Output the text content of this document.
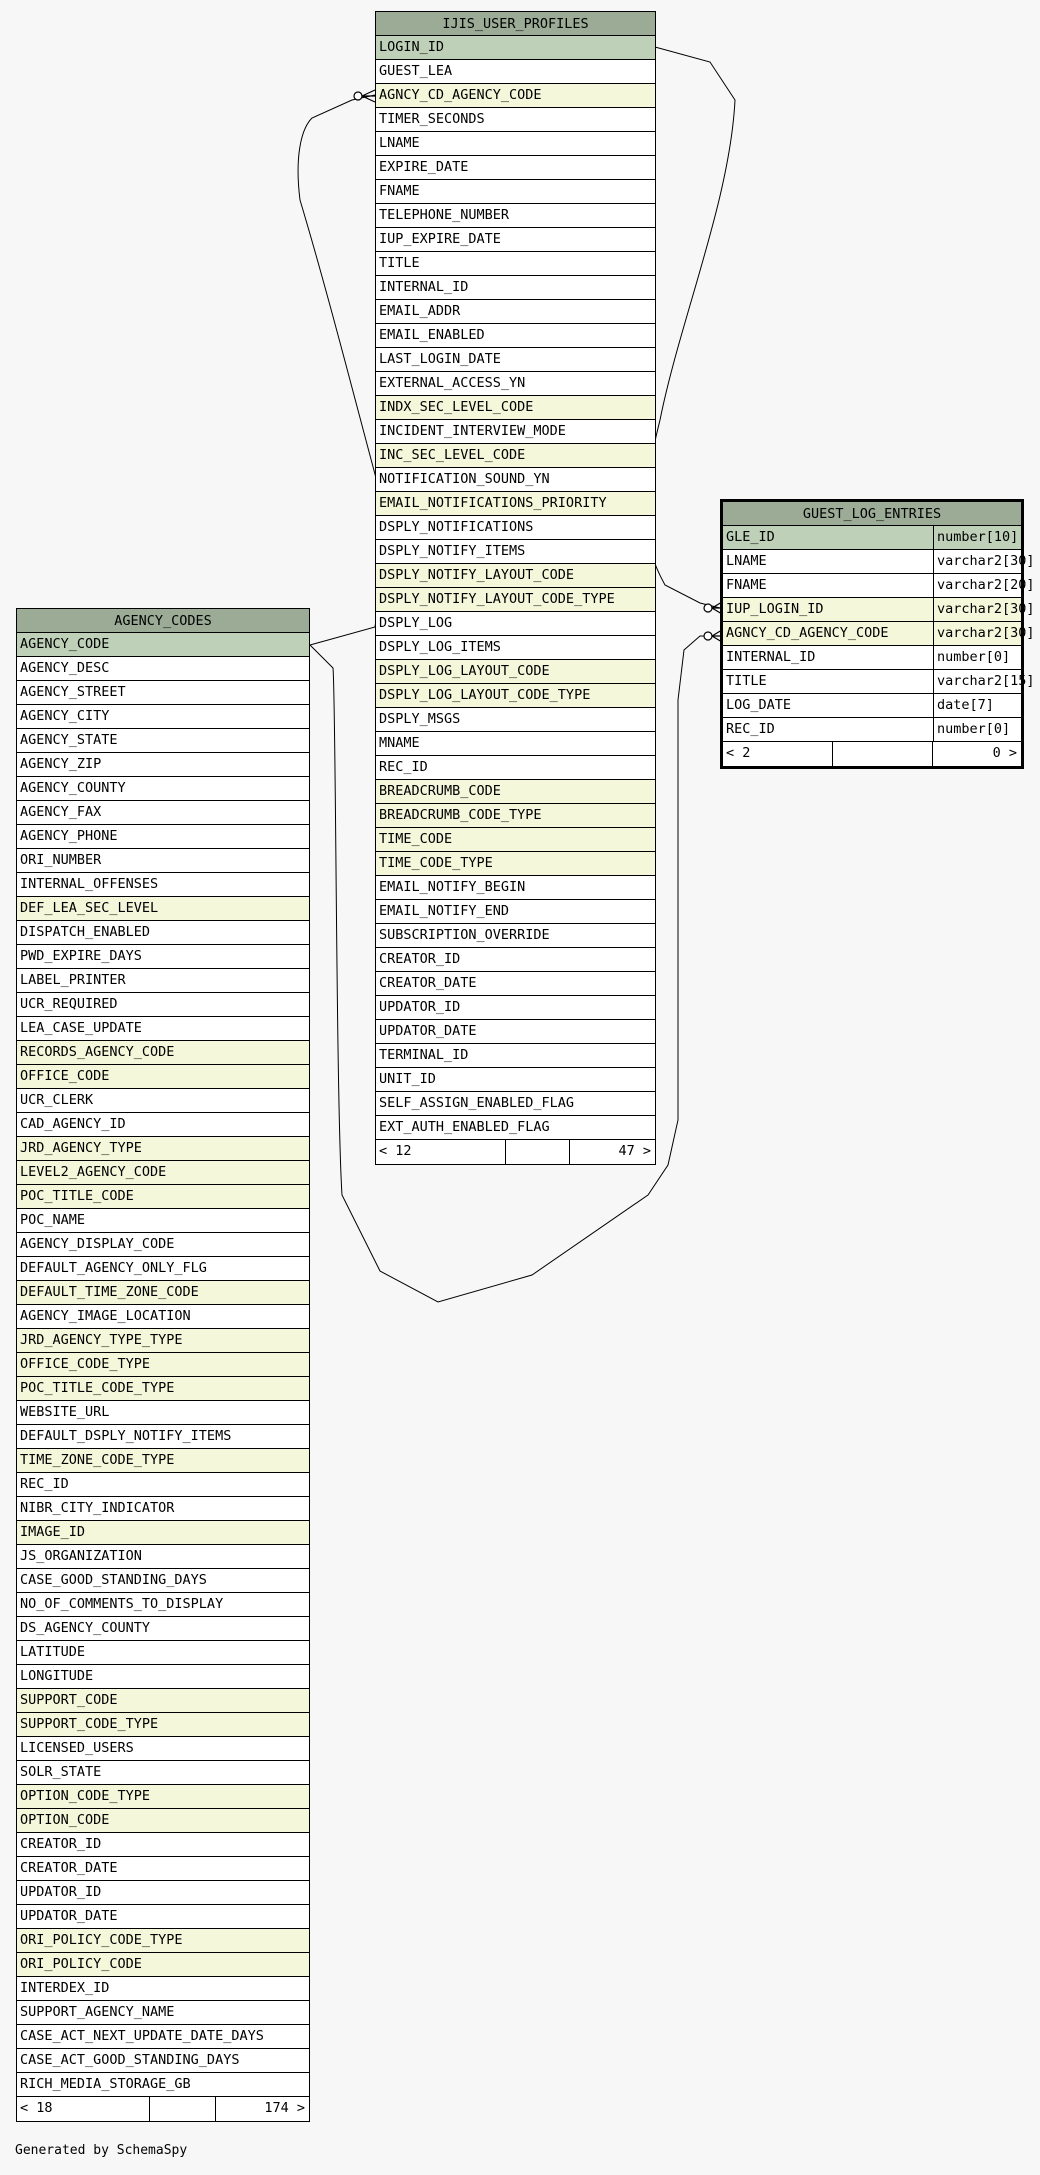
IJIS_USER_PROFILES
LOGIN_ID
GUEST_LEA
AGNCY_CD_AGENCY_CODE
TIMER_SECONDS
LNAME
EXPIRE_DATE
FNAME
TELEPHONE_NUMBER
IUP_EXPIRE_DATE
TITLE
INTERNAL_ID
EMAIL_ADDR
EMAIL_ENABLED
LAST_LOGIN_DATE
EXTERNAL_ACCESS_YN
INDX_SEC_LEVEL_CODE
INCIDENT_INTERVIEW_MODE
INC_SEC_LEVEL_CODE
NOTIFICATION_SOUND_YN
EMAIL_NOTIFICATIONS_PRIORITY
DSPLY_NOTIFICATIONS
DSPLY_NOTIFY_ITEMS
DSPLY_NOTIFY_LAYOUT_CODE
DSPLY_NOTIFY_LAYOUT_CODE_TYPE
DSPLY_LOG
DSPLY_LOG_ITEMS
DSPLY_LOG_LAYOUT_CODE
DSPLY_LOG_LAYOUT_CODE_TYPE
DSPLY_MSGS
MNAME
REC_ID
BREADCRUMB_CODE
BREADCRUMB_CODE_TYPE
TIME_CODE
TIME_CODE_TYPE
EMAIL_NOTIFY_BEGIN
EMAIL_NOTIFY_END
SUBSCRIPTION_OVERRIDE
CREATOR_ID
CREATOR_DATE
UPDATOR_ID
UPDATOR_DATE
TERMINAL_ID
UNIT_ID
SELF_ASSIGN_ENABLED_FLAG
EXT_AUTH_ENABLED_FLAG
< 12	47 >
GUEST_LOG_ENTRIES
GLE_ID	number[10]
LNAME	varchar2[30]
FNAME	varchar2[20]
IUP_LOGIN_ID	varchar2[30]
AGNCY_CD_AGENCY_CODE	varchar2[30]
INTERNAL_ID	number[0]
TITLE	varchar2[15]
LOG_DATE	date[7]
REC_ID	number[0]
< 2	0 >
AGENCY_CODES
AGENCY_CODE
AGENCY_DESC
AGENCY_STREET
AGENCY_CITY
AGENCY_STATE
AGENCY_ZIP
AGENCY_COUNTY
AGENCY_FAX
AGENCY_PHONE
ORI_NUMBER
INTERNAL_OFFENSES
DEF_LEA_SEC_LEVEL
DISPATCH_ENABLED
PWD_EXPIRE_DAYS
LABEL_PRINTER
UCR_REQUIRED
LEA_CASE_UPDATE
RECORDS_AGENCY_CODE
OFFICE_CODE
UCR_CLERK
CAD_AGENCY_ID
JRD_AGENCY_TYPE
LEVEL2_AGENCY_CODE
POC_TITLE_CODE
POC_NAME
AGENCY_DISPLAY_CODE
DEFAULT_AGENCY_ONLY_FLG
DEFAULT_TIME_ZONE_CODE
AGENCY_IMAGE_LOCATION
JRD_AGENCY_TYPE_TYPE
OFFICE_CODE_TYPE
POC_TITLE_CODE_TYPE
WEBSITE_URL
DEFAULT_DSPLY_NOTIFY_ITEMS
TIME_ZONE_CODE_TYPE
REC_ID
NIBR_CITY_INDICATOR
IMAGE_ID
JS_ORGANIZATION
CASE_GOOD_STANDING_DAYS
NO_OF_COMMENTS_TO_DISPLAY
DS_AGENCY_COUNTY
LATITUDE
LONGITUDE
SUPPORT_CODE
SUPPORT_CODE_TYPE
LICENSED_USERS
SOLR_STATE
OPTION_CODE_TYPE
OPTION_CODE
CREATOR_ID
CREATOR_DATE
UPDATOR_ID
UPDATOR_DATE
ORI_POLICY_CODE_TYPE
ORI_POLICY_CODE
INTERDEX_ID
SUPPORT_AGENCY_NAME
CASE_ACT_NEXT_UPDATE_DATE_DAYS
CASE_ACT_GOOD_STANDING_DAYS
RICH_MEDIA_STORAGE_GB
< 18	174 >
Generated by SchemaSpy
